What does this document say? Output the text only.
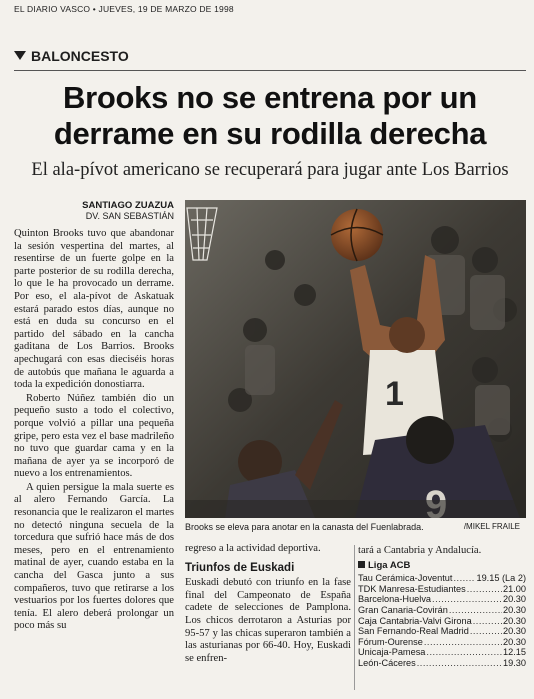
EL DIARIO VASCO • JUEVES, 19 DE MARZO DE 1998
BALONCESTO
Brooks no se entrena por un
derrame en su rodilla derecha
El ala-pívot americano se recuperará para jugar ante Los Barrios
SANTIAGO ZUAZUA
DV. SAN SEBASTIÁN

Quinton Brooks tuvo que abandonar la sesión vespertina del martes, al resentirse de un fuerte golpe en la parte posterior de su rodilla derecha, lo que le ha provocado un derrame. Por eso, el ala-pívot de Askatuak estará parado estos días, aunque no está en duda su concurso en el partido del sábado en la cancha gaditana de Los Barrios. Brooks apechugará con esas dieciséis horas de autobús que mañana le aguarda a toda la expedición donostiarra.

Roberto Núñez también dio un pequeño susto a todo el colectivo, porque volvió a pillar una pequeña gripe, pero esta vez el base madrileño no tuvo que guardar cama y en la mañana de ayer ya se incorporó de nuevo a los entrenamientos.

A quien persigue la mala suerte es al alero Fernando García. La resonancia que le realizaron el martes no detectó ninguna secuela de la torcedura que sufrió hace más de dos meses, pero en el entrenamiento matinal de ayer, cuando estaba en la cancha del Gasca junto a sus compañeros, tuvo que retirarse a los vestuarios por los fuertes dolores que tenía. El alero deberá prolongar un poco más su

1
Brooks se eleva para anotar en la canasta del Fuenlabrada.	/MIKEL FRAILE

regreso a la actividad deportiva.

Triunfos de Euskadi

Euskadi debutó con triunfo en la fase final del Campeonato de España cadete de selecciones de Pamplona. Los chicos derrotaron a Asturias por 95-57 y las chicas superaron también a las asturianas por 66-40. Hoy, Euskadi se enfren-

tará a Cantabria y Andalucía.
Liga ACB
Tau Cerámica-Joventut .....	19.15 (La 2)
TDK Manresa-Estudiantes .....	21.00
Barcelona-Huelva .....	20.30
Gran Canaria-Covirán .....	20.30
Caja Cantabria-Valvi Girona .....	20.30
San Fernando-Real Madrid .....	20.30
Fórum-Ourense .....	20.30
Unicaja-Pamesa .....	12.15
León-Cáceres .....	19.30
